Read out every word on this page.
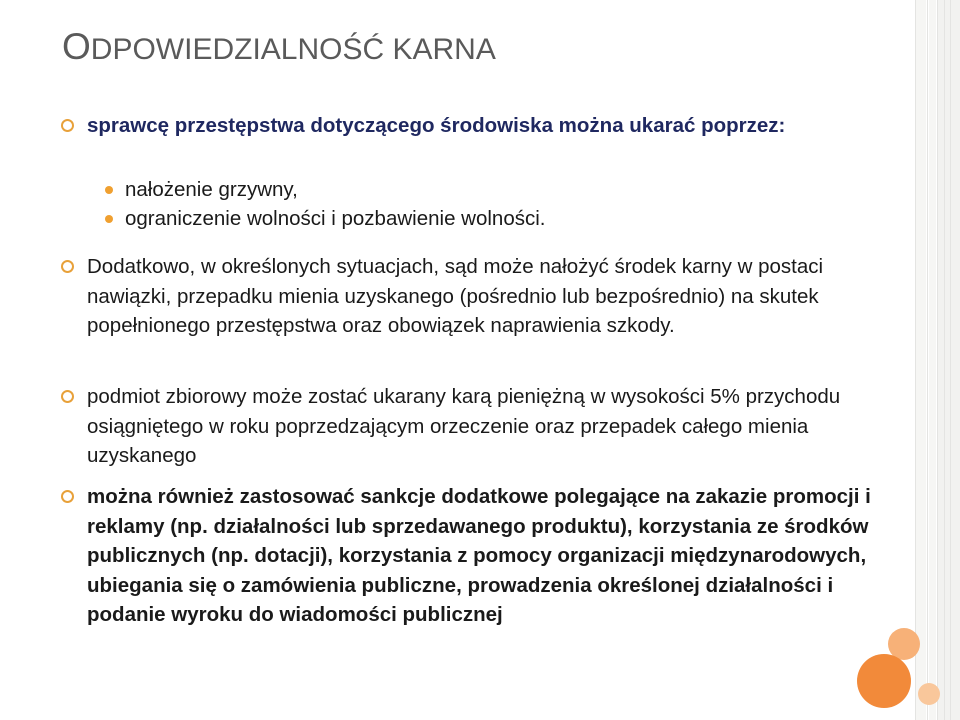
ODPOWIEDZIALNOŚĆ KARNA
sprawcę przestępstwa dotyczącego środowiska można ukarać poprzez:
nałożenie grzywny,
ograniczenie wolności i pozbawienie wolności.
Dodatkowo, w określonych sytuacjach, sąd może nałożyć środek karny w postaci nawiązki, przepadku mienia uzyskanego (pośrednio lub bezpośrednio) na skutek popełnionego przestępstwa oraz obowiązek naprawienia szkody.
podmiot zbiorowy może zostać ukarany karą pieniężną w wysokości 5% przychodu osiągniętego w roku poprzedzającym orzeczenie oraz przepadek całego mienia uzyskanego
można również zastosować sankcje dodatkowe polegające na zakazie promocji i reklamy (np. działalności lub sprzedawanego produktu), korzystania ze środków publicznych (np. dotacji), korzystania z pomocy organizacji międzynarodowych, ubiegania się o zamówienia publiczne, prowadzenia określonej działalności i podanie wyroku do wiadomości publicznej
